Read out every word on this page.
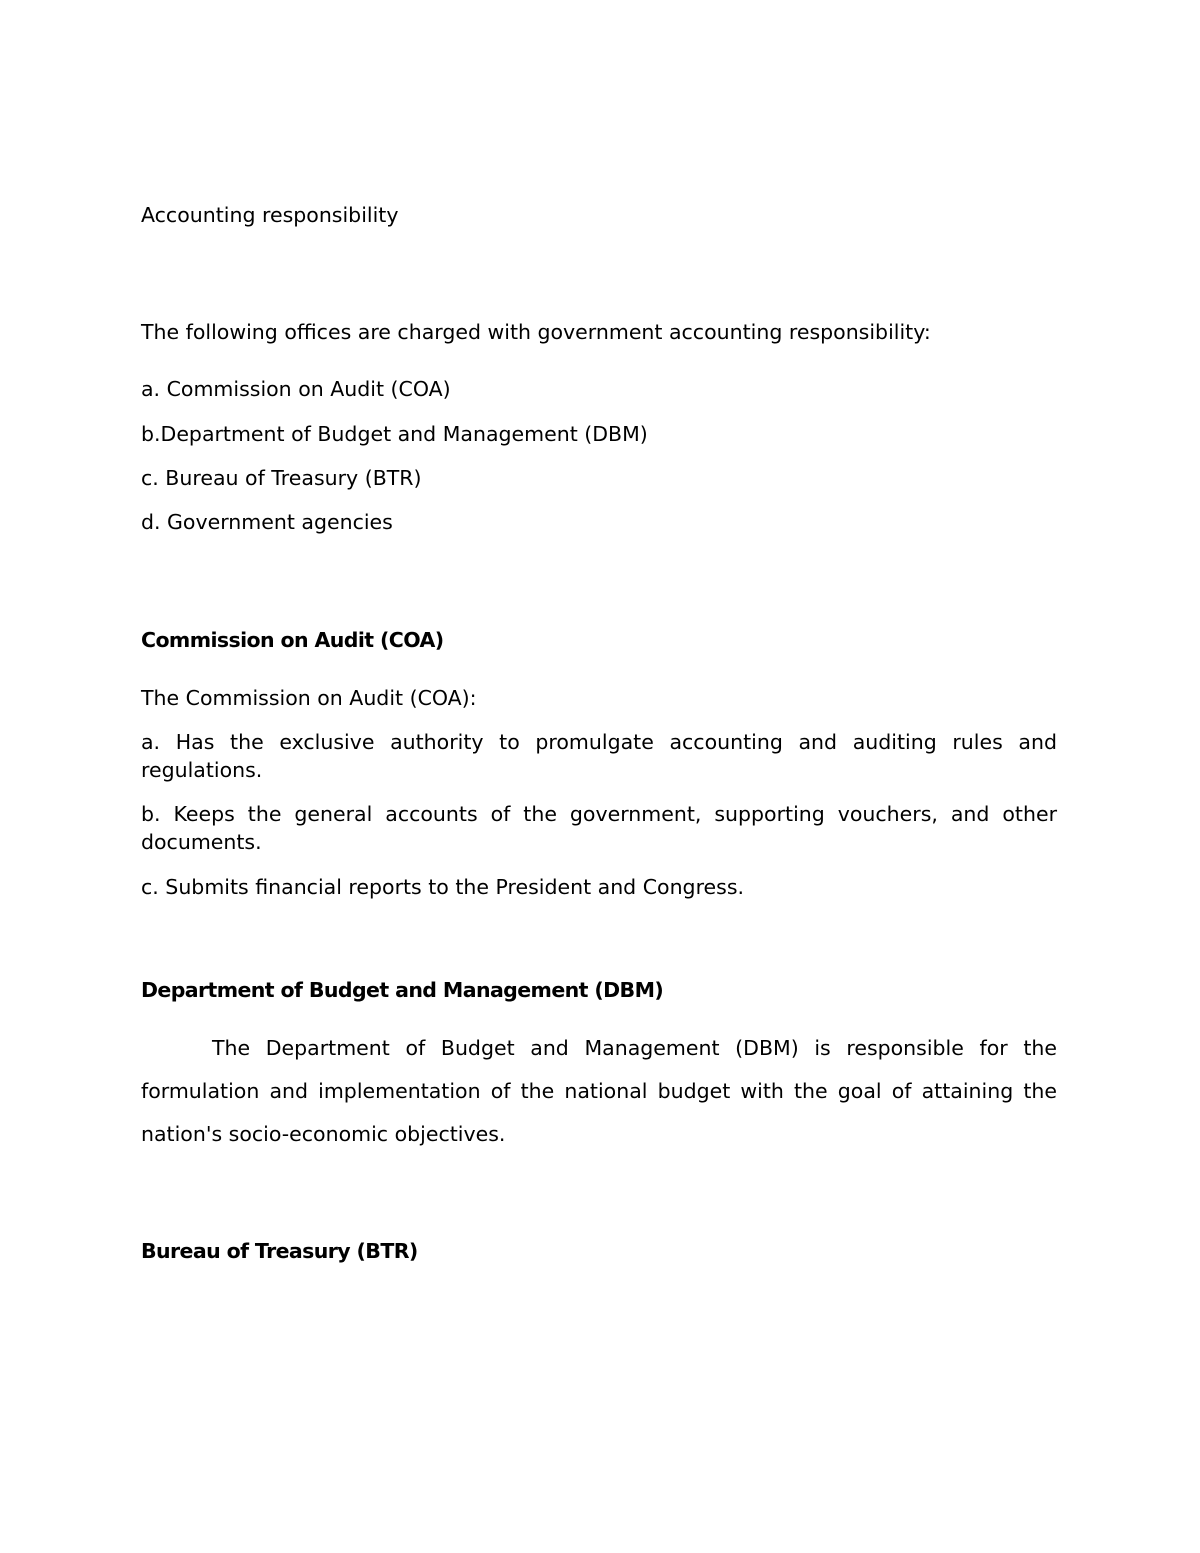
Accounting responsibility

The following offices are charged with government accounting responsibility:

a. Commission on Audit (COA)

b.Department of Budget and Management (DBM)

c. Bureau of Treasury (BTR)

d. Government agencies

Commission on Audit (COA)

The Commission on Audit (COA):

a. Has the exclusive authority to promulgate accounting and auditing rules and regulations.

b. Keeps the general accounts of the government, supporting vouchers, and other documents.

c. Submits financial reports to the President and Congress.

Department of Budget and Management (DBM)

The Department of Budget and Management (DBM) is responsible for the formulation and implementation of the national budget with the goal of attaining the nation's socio-economic objectives.

Bureau of Treasury (BTR)
